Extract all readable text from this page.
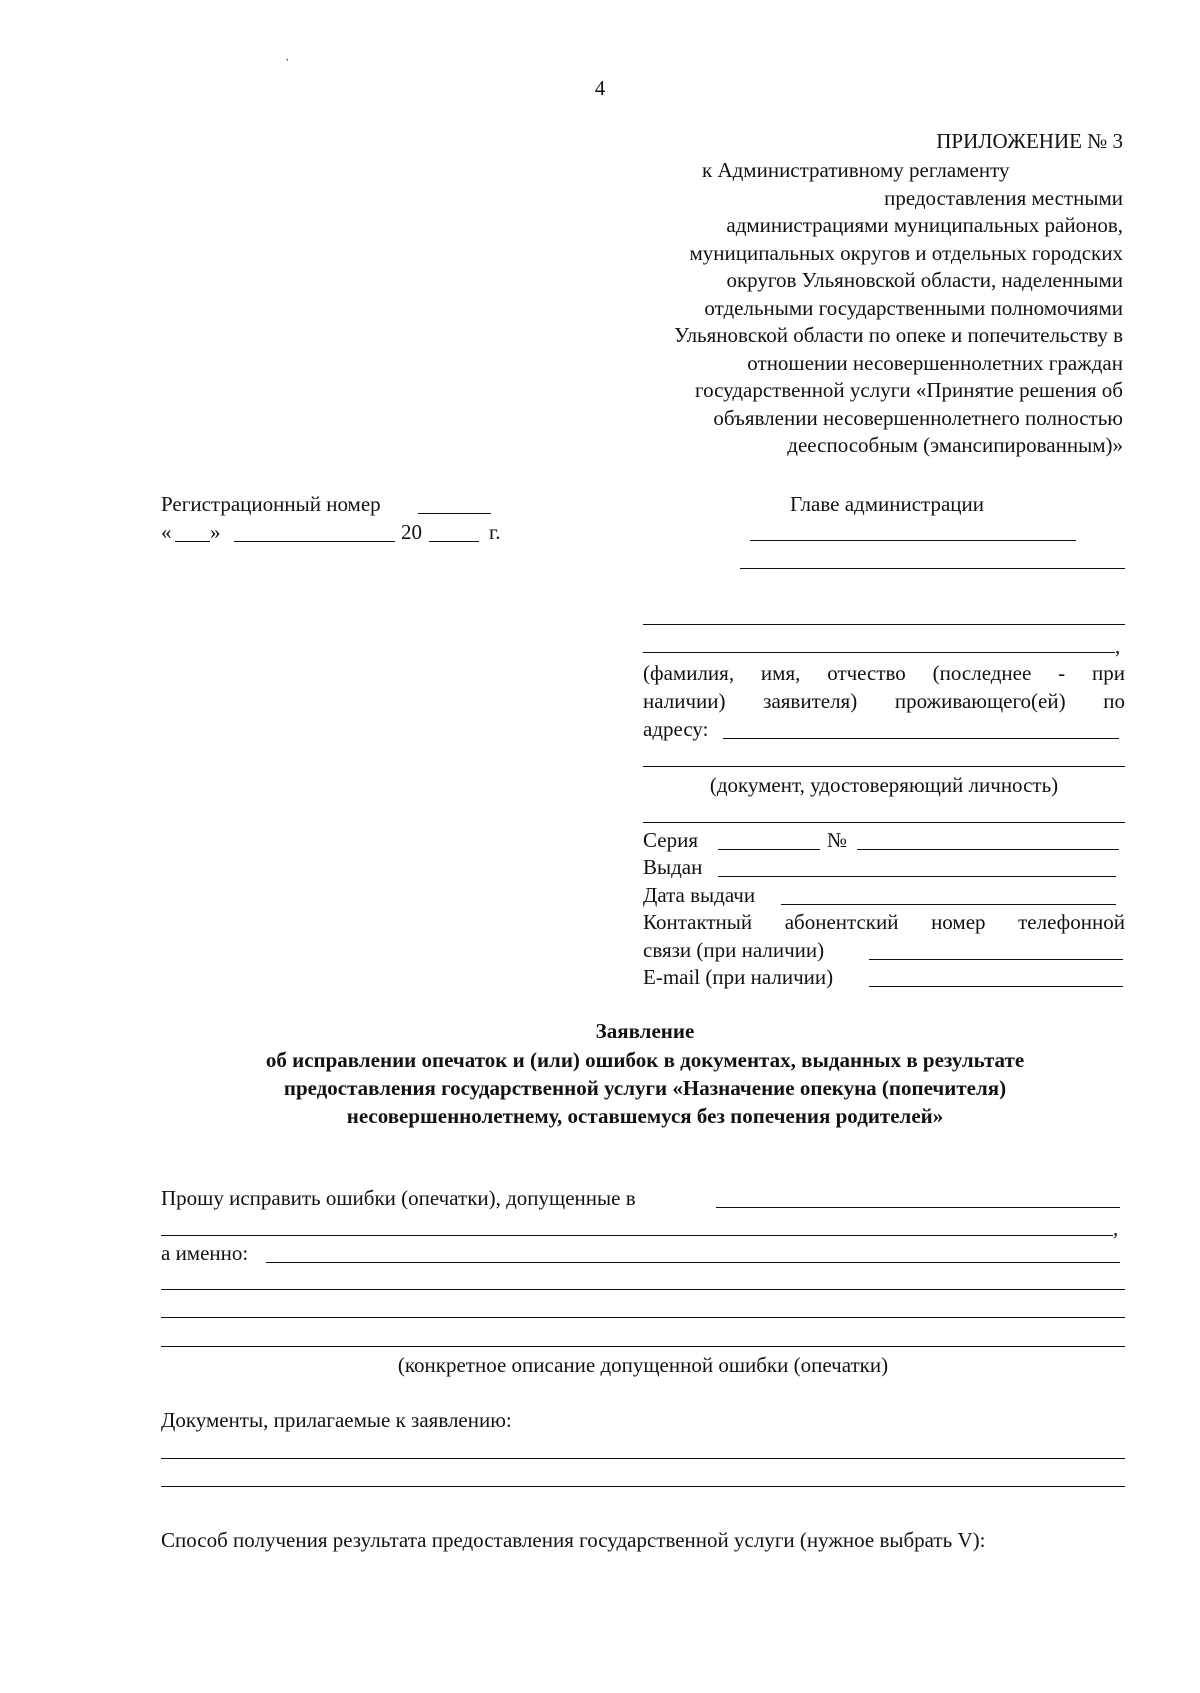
4
˙
ПРИЛОЖЕНИЕ № 3
к Административному регламенту
предоставления местными
администрациями муниципальных районов,
муниципальных округов и отдельных городских
округов Ульяновской области, наделенными
отдельными государственными полномочиями
Ульяновской области по опеке и попечительству в
отношении несовершеннолетних граждан
государственной услуги «Принятие решения об
объявлении несовершеннолетнего полностью
дееспособным (эмансипированным)»
Регистрационный номер
« »	20	г.
Главе администрации
,
(фамилия, имя, отчество (последнее - при
наличии) заявителя) проживающего(ей) по
адресу:
(документ, удостоверяющий личность)
Серия	№
Выдан
Дата выдачи
Контактный абонентский номер телефонной
связи (при наличии)
E-mail (при наличии)
Заявление
об исправлении опечаток и (или) ошибок в документах, выданных в результате
предоставления государственной услуги «Назначение опекуна (попечителя)
несовершеннолетнему, оставшемуся без попечения родителей»
Прошу исправить ошибки (опечатки), допущенные в
,
а именно:
(конкретное описание допущенной ошибки (опечатки)
Документы, прилагаемые к заявлению:
Способ получения результата предоставления государственной услуги (нужное выбрать V):
